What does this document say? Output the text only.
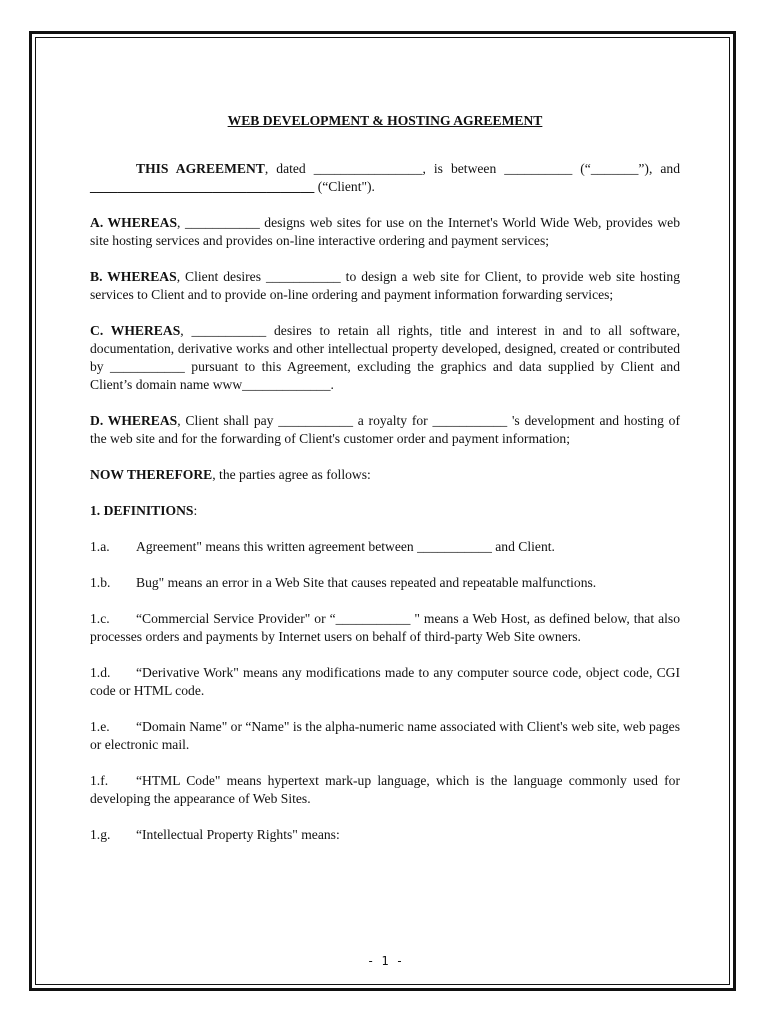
WEB DEVELOPMENT & HOSTING AGREEMENT

THIS AGREEMENT, dated ________________, is between __________ (“_______”), and _________________________________ (“Client").

A. WHEREAS, ___________ designs web sites for use on the Internet's World Wide Web, provides web site hosting services and provides on-line interactive ordering and payment services;

B. WHEREAS, Client desires ___________ to design a web site for Client, to provide web site hosting services to Client and to provide on-line ordering and payment information forwarding services;

C. WHEREAS, ___________ desires to retain all rights, title and interest in and to all software, documentation, derivative works and other intellectual property developed, designed, created or contributed by ___________ pursuant to this Agreement, excluding the graphics and data supplied by Client and Client’s domain name www_____________.

D. WHEREAS, Client shall pay ___________ a royalty for ___________ 's development and hosting of the web site and for the forwarding of Client's customer order and payment information;

NOW THEREFORE, the parties agree as follows:

1. DEFINITIONS:

1.a. Agreement" means this written agreement between ___________ and Client.

1.b. Bug" means an error in a Web Site that causes repeated and repeatable malfunctions.

1.c. “Commercial Service Provider" or “___________ " means a Web Host, as defined below, that also processes orders and payments by Internet users on behalf of third-party Web Site owners.

1.d. “Derivative Work" means any modifications made to any computer source code, object code, CGI code or HTML code.

1.e. “Domain Name" or “Name" is the alpha-numeric name associated with Client's web site, web pages or electronic mail.

1.f. “HTML Code" means hypertext mark-up language, which is the language commonly used for developing the appearance of Web Sites.

1.g. “Intellectual Property Rights" means:

- 1 -
